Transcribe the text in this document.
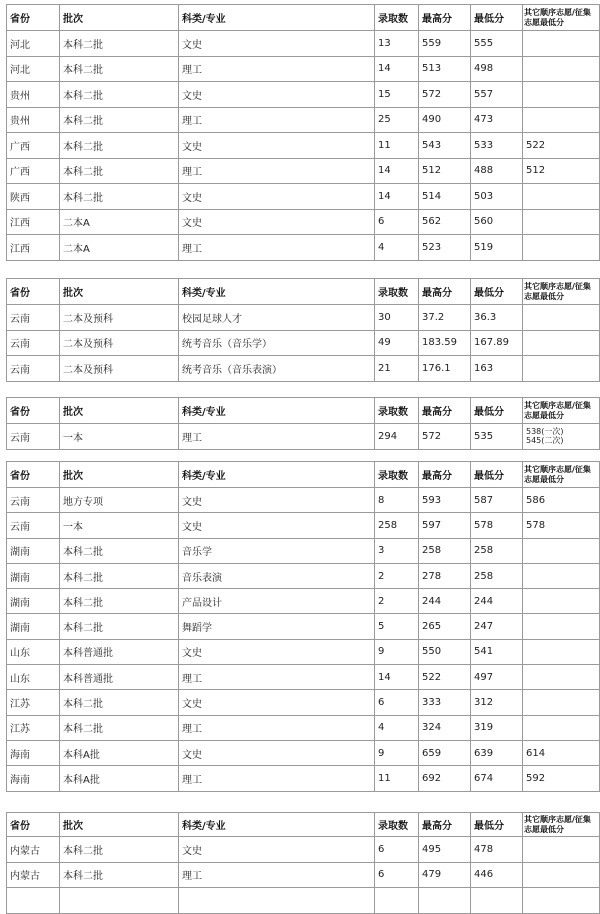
省份	批次	科类/专业	录取数	最高分	最低分	其它顺序志愿/征集志愿最低分
河北	本科二批	文史	13	559	555	
河北	本科二批	理工	14	513	498	
贵州	本科二批	文史	15	572	557	
贵州	本科二批	理工	25	490	473	
广西	本科二批	文史	11	543	533	522
广西	本科二批	理工	14	512	488	512
陕西	本科二批	文史	14	514	503	
江西	二本A	文史	6	562	560	
江西	二本A	理工	4	523	519	
省份	批次	科类/专业	录取数	最高分	最低分	其它顺序志愿/征集志愿最低分
云南	二本及预科	校园足球人才	30	37.2	36.3	
云南	二本及预科	统考音乐（音乐学）	49	183.59	167.89	
云南	二本及预科	统考音乐（音乐表演）	21	176.1	163	
省份	批次	科类/专业	录取数	最高分	最低分	其它顺序志愿/征集志愿最低分
云南	一本	理工	294	572	535	538(一次)
545(二次)
省份	批次	科类/专业	录取数	最高分	最低分	其它顺序志愿/征集志愿最低分
云南	地方专项	文史	8	593	587	586
云南	一本	文史	258	597	578	578
湖南	本科二批	音乐学	3	258	258	
湖南	本科二批	音乐表演	2	278	258	
湖南	本科二批	产品设计	2	244	244	
湖南	本科二批	舞蹈学	5	265	247	
山东	本科普通批	文史	9	550	541	
山东	本科普通批	理工	14	522	497	
江苏	本科二批	文史	6	333	312	
江苏	本科二批	理工	4	324	319	
海南	本科A批	文史	9	659	639	614
海南	本科A批	理工	11	692	674	592
省份	批次	科类/专业	录取数	最高分	最低分	其它顺序志愿/征集志愿最低分
内蒙古	本科二批	文史	6	495	478	
内蒙古	本科二批	理工	6	479	446	
